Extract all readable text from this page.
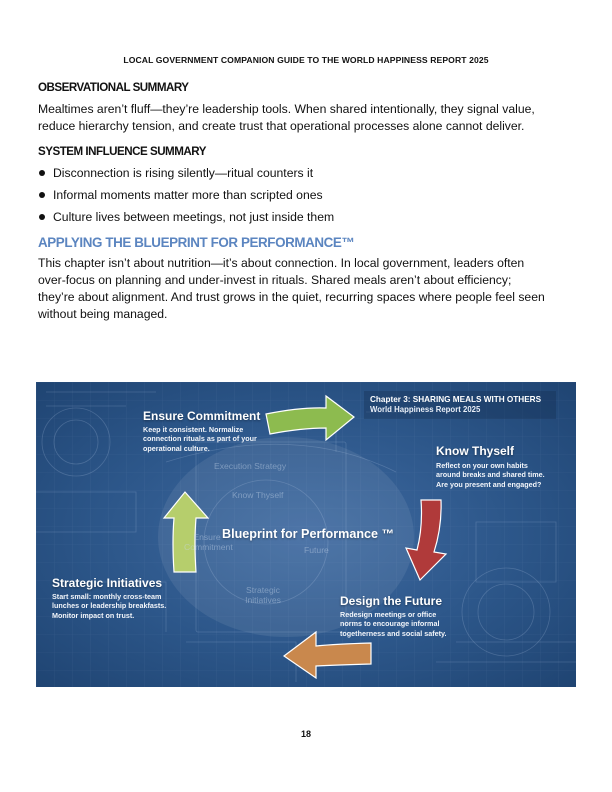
LOCAL GOVERNMENT COMPANION GUIDE TO THE WORLD HAPPINESS REPORT 2025
OBSERVATIONAL SUMMARY
Mealtimes aren’t fluff—they’re leadership tools. When shared intentionally, they signal value,
reduce hierarchy tension, and create trust that operational processes alone cannot deliver.
SYSTEM INFLUENCE SUMMARY
Disconnection is rising silently—ritual counters it
Informal moments matter more than scripted ones
Culture lives between meetings, not just inside them
APPLYING THE BLUEPRINT FOR PERFORMANCE™
This chapter isn’t about nutrition—it’s about connection. In local government, leaders often
over-focus on planning and under-invest in rituals. Shared meals aren’t about efficiency;
they’re about alignment. And trust grows in the quiet, recurring spaces where people feel seen
without being managed.
Chapter 3: SHARING MEALS WITH OTHERS
World Happiness Report 2025
Execution Strategy
Know Thyself
Ensure Commitment	Future
Strategic Initiatives
Blueprint for Performance ™
Ensure Commitment
Keep it consistent. Normalize
connection rituals as part of your
operational culture.	Know Thyself
Reflect on your own habits
around breaks and shared time.
Are you present and engaged?
Design the Future
Redesign meetings or office
norms to encourage informal
togetherness and social safety.
Strategic Initiatives
Start small: monthly cross-team
lunches or leadership breakfasts.
Monitor impact on trust.
18
